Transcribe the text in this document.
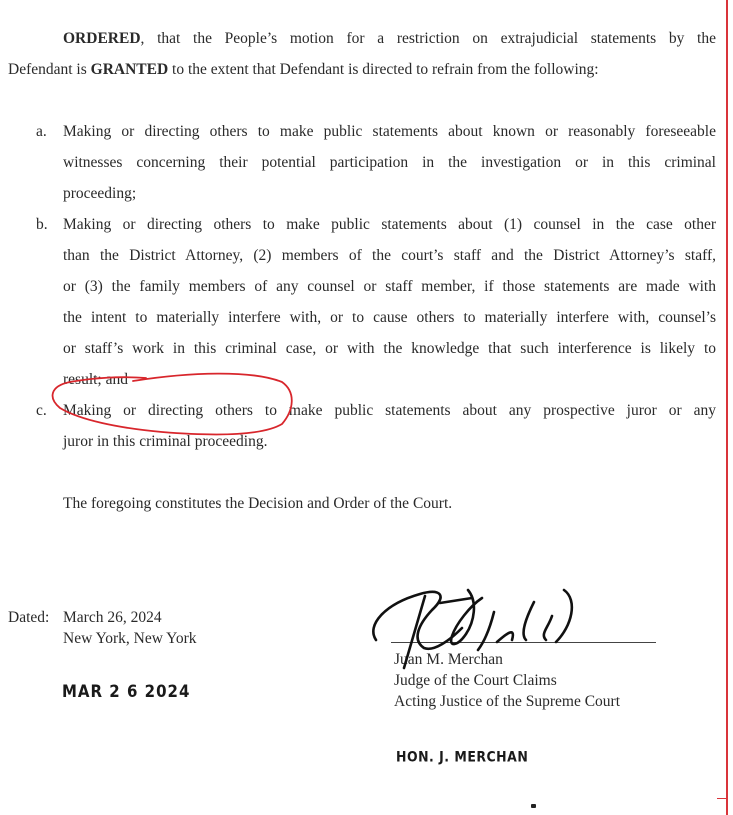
ORDERED, that the People’s motion for a restriction on extrajudicial statements by the
Defendant is GRANTED to the extent that Defendant is directed to refrain from the following:
a. Making or directing others to make public statements about known or reasonably foreseeable
witnesses concerning their potential participation in the investigation or in this criminal
proceeding;
b. Making or directing others to make public statements about (1) counsel in the case other
than the District Attorney, (2) members of the court’s staff and the District Attorney’s staff,
or (3) the family members of any counsel or staff member, if those statements are made with
the intent to materially interfere with, or to cause others to materially interfere with, counsel’s
or staff’s work in this criminal case, or with the knowledge that such interference is likely to
result; and
c. Making or directing others to make public statements about any prospective juror or any
juror in this criminal proceeding.
The foregoing constitutes the Decision and Order of the Court.
Dated: March 26, 2024
New York, New York
MAR 2 6 2024
Juan M. Merchan
Judge of the Court Claims
Acting Justice of the Supreme Court
HON. J. MERCHAN
